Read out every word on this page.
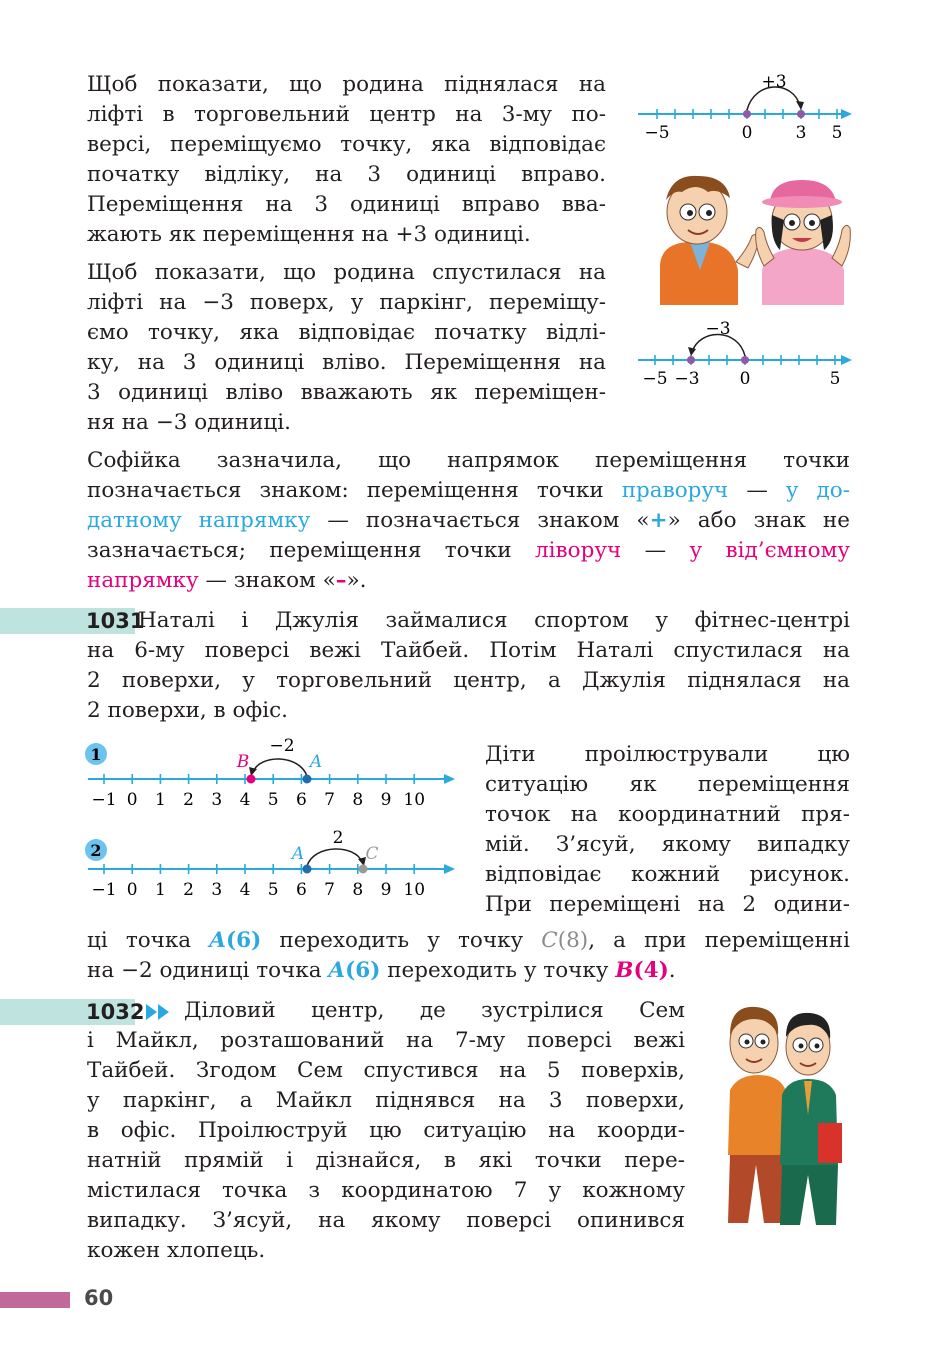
Щоб показати, що родина піднялася на
ліфті в торговельний центр на 3-му по-
версі, переміщуємо точку, яка відповідає
початку відліку, на 3 одиниці вправо.
Переміщення на 3 одиниці вправо вва-
жають як переміщення на +3 одиниці.
Щоб показати, що родина спустилася на
ліфті на −3 поверх, у паркінг, переміщу-
ємо точку, яка відповідає початку відлі-
ку, на 3 одиниці вліво. Переміщення на
3 одиниці вліво вважають як переміщен-
ня на −3 одиниці.
+3
−5	0	3 5
−3
−5 −3 0	5
Софійка зазначила, що напрямок переміщення точки
позначається знаком: переміщення точки праворуч — у до-
датному напрямку — позначається знаком «+» або знак не
зазначається; переміщення точки ліворуч — у від’ємному
напрямку — знаком «–».
1031
Наталі і Джулія займалися спортом у фітнес-центрі
на 6-му поверсі вежі Тайбей. Потім Наталі спустилася на
2 поверхи, у торговельний центр, а Джулія піднялася на
2 поверхи, в офіс.
1	−2
B	A
−1 0 1 2 3 4 5 6 7 8 9 10
2
2
A	C
−1 0 1 2 3 4 5 6 7 8 9 10
Діти проілюстрували цю
ситуацію як переміщення
точок на координатний пря-
мій. З’ясуй, якому випадку
відповідає кожний рисунок.
При переміщені на 2 одини-
ці точка A(6) переходить у точку C(8), а при переміщенні
на −2 одиниці точка A(6) переходить у точку B(4).
1032	Діловий центр, де зустрілися Сем
і Майкл, розташований на 7-му поверсі вежі
Тайбей. Згодом Сем спустився на 5 поверхів,
у паркінг, а Майкл піднявся на 3 поверхи,
в офіс. Проілюструй цю ситуацію на коорди-
натній прямій і дізнайся, в які точки пере-
містилася точка з координатою 7 у кожному
випадку. З’ясуй, на якому поверсі опинився
кожен хлопець.
60
